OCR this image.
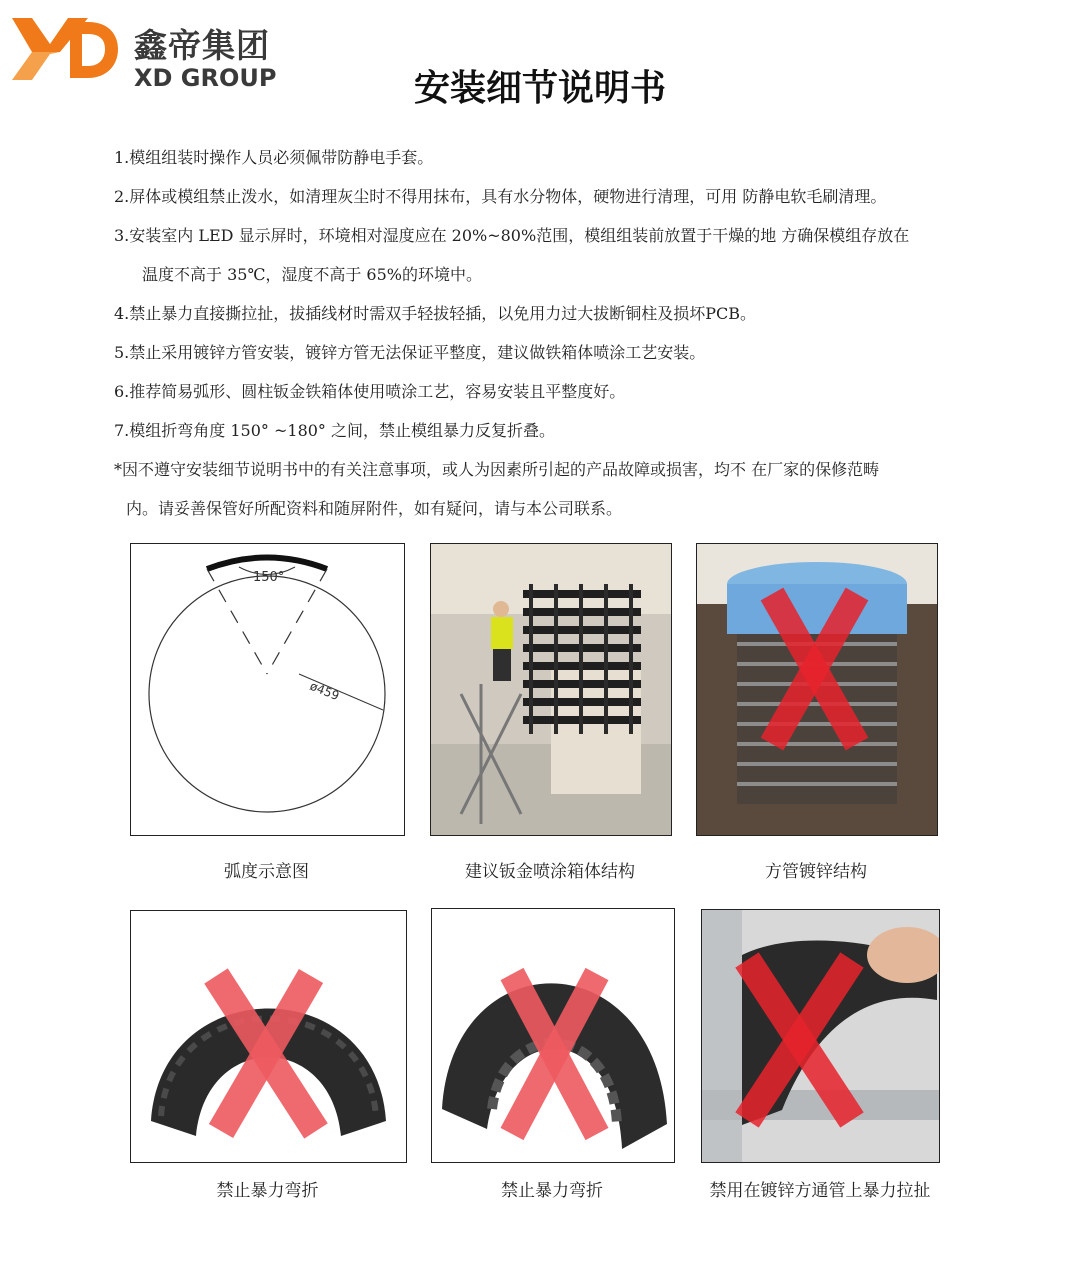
鑫帝集团
XD GROUP	安装细节说明书
1.模组组装时操作人员必须佩带防静电手套。
2.屏体或模组禁止泼水，如清理灰尘时不得用抹布，具有水分物体，硬物进行清理，可用 防静电软毛刷清理。
3.安装室内 LED 显示屏时，环境相对湿度应在 20%~80%范围，模组组装前放置于干燥的地 方确保模组存放在
温度不高于 35℃，湿度不高于 65%的环境中。
4.禁止暴力直接撕拉扯，拔插线材时需双手轻拔轻插，以免用力过大拔断铜柱及损坏PCB。
5.禁止采用镀锌方管安装，镀锌方管无法保证平整度，建议做铁箱体喷涂工艺安装。
6.推荐简易弧形、圆柱钣金铁箱体使用喷涂工艺，容易安装且平整度好。
7.模组折弯角度 150° ~180° 之间，禁止模组暴力反复折叠。
*因不遵守安装细节说明书中的有关注意事项，或人为因素所引起的产品故障或损害，均不 在厂家的保修范畴
内。请妥善保管好所配资料和随屏附件，如有疑问，请与本公司联系。
150°
ø459
弧度示意图	建议钣金喷涂箱体结构	方管镀锌结构
禁止暴力弯折	禁止暴力弯折	禁用在镀锌方通管上暴力拉扯
